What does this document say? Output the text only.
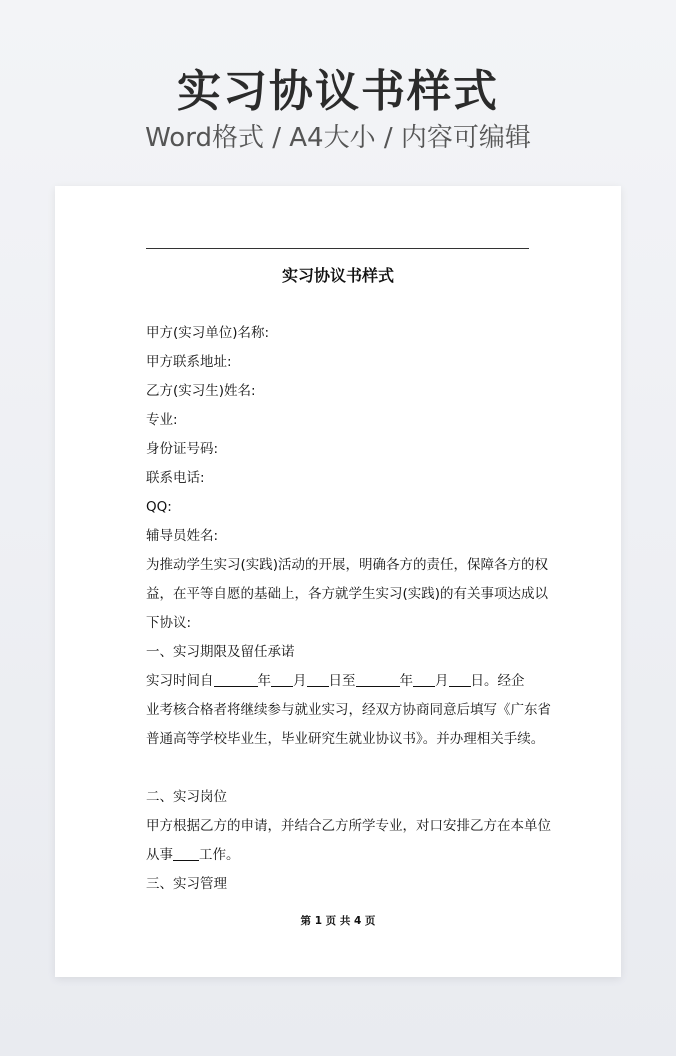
实习协议书样式
Word格式 / A4大小 / 内容可编辑
实习协议书样式
甲方(实习单位)名称:
甲方联系地址:
乙方(实习生)姓名:
专业:
身份证号码:
联系电话:
QQ:
辅导员姓名:
为推动学生实习(实践)活动的开展，明确各方的责任，保障各方的权
益，在平等自愿的基础上，各方就学生实习(实践)的有关事项达成以
下协议:
一、实习期限及留任承诺
实习时间自	年 月 日至	年 月 日。经企
业考核合格者将继续参与就业实习，经双方协商同意后填写《广东省
普通高等学校毕业生，毕业研究生就业协议书》。并办理相关手续。
二、实习岗位
甲方根据乙方的申请，并结合乙方所学专业，对口安排乙方在本单位
从事 工作。
三、实习管理
第 1 页 共 4 页
